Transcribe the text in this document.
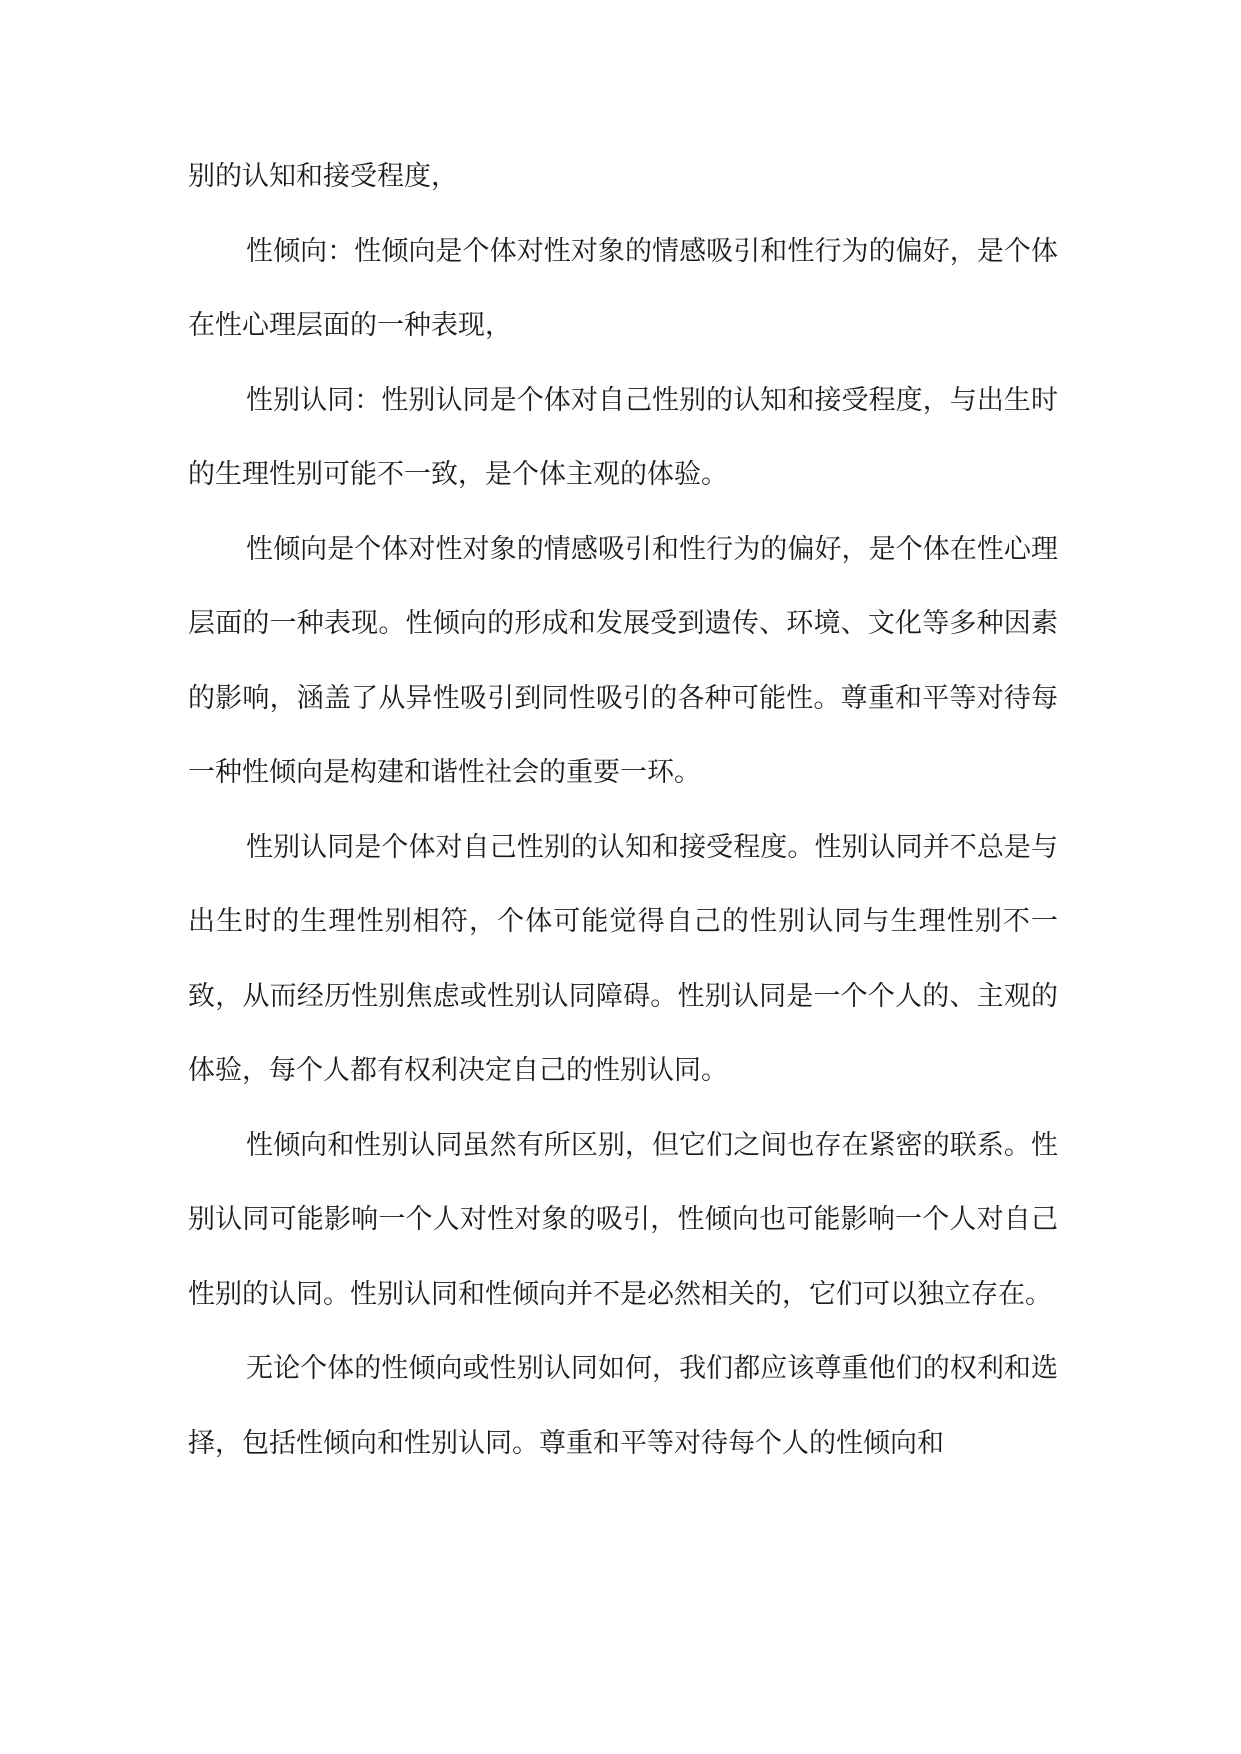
别的认知和接受程度，

性倾向：性倾向是个体对性对象的情感吸引和性行为的偏好，是个体在性心理层面的一种表现，

性别认同：性别认同是个体对自己性别的认知和接受程度，与出生时的生理性别可能不一致，是个体主观的体验。

性倾向是个体对性对象的情感吸引和性行为的偏好，是个体在性心理层面的一种表现。性倾向的形成和发展受到遗传、环境、文化等多种因素的影响，涵盖了从异性吸引到同性吸引的各种可能性。尊重和平等对待每一种性倾向是构建和谐性社会的重要一环。

性别认同是个体对自己性别的认知和接受程度。性别认同并不总是与出生时的生理性别相符，个体可能觉得自己的性别认同与生理性别不一致，从而经历性别焦虑或性别认同障碍。性别认同是一个个人的、主观的体验，每个人都有权利决定自己的性别认同。

性倾向和性别认同虽然有所区别，但它们之间也存在紧密的联系。性别认同可能影响一个人对性对象的吸引，性倾向也可能影响一个人对自己性别的认同。性别认同和性倾向并不是必然相关的，它们可以独立存在。

无论个体的性倾向或性别认同如何，我们都应该尊重他们的权利和选择，包括性倾向和性别认同。尊重和平等对待每个人的性倾向和
